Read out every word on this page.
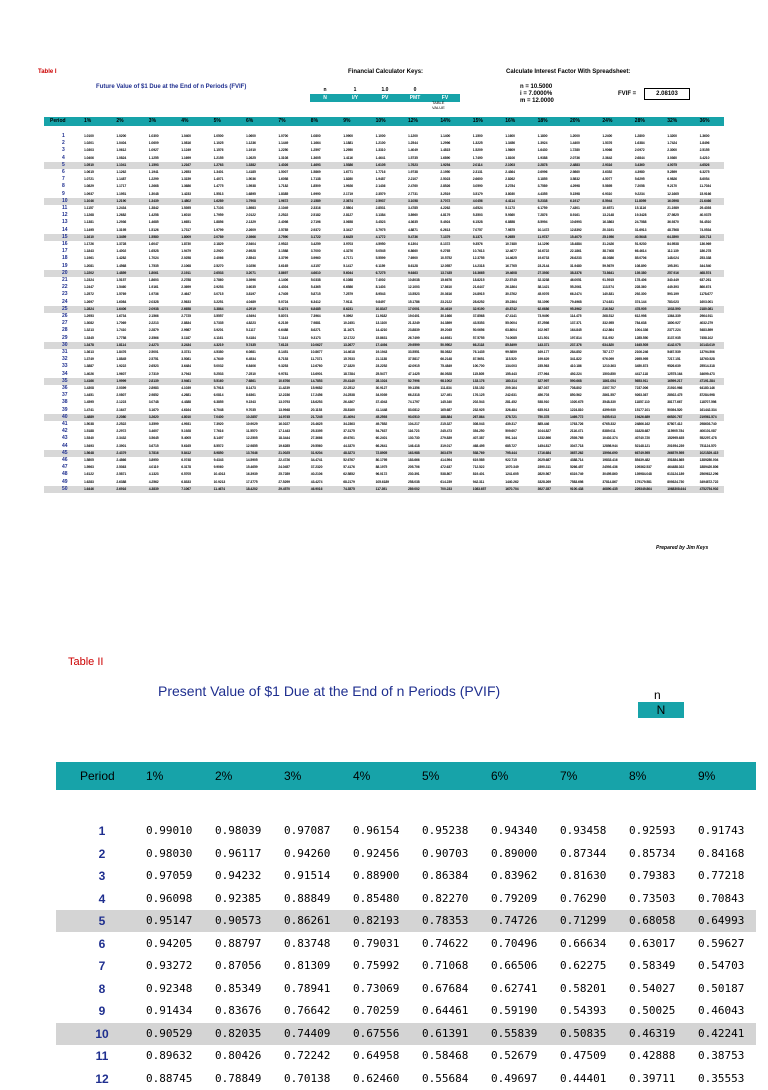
Table I	Financial Calculator Keys:	Calculate Interest Factor With Spreadsheet:
Future Value of $1 Due at the End of n Periods (FVIF)	n	1	1.0	0
N	I/Y	PV	PMT	FV
TABLE
VALUE
n = 10.5000
i = 7.0000%
m = 12.0000
FVIF =	2.08103
Period	1%	2%	3%	4%	5%	6%	7%	8%	9%	10%	12%	14%	15%	16%	18%	20%	24%	28%	32%	36%
1	1.0100	1.0200	1.0300	1.0400	1.0500	1.0600	1.0700	1.0800	1.0900	1.1000	1.1200	1.1400	1.1500	1.1600	1.1800	1.2000	1.2400	1.2800	1.3200	1.3600
2	1.0201	1.0404	1.0609	1.0816	1.1025	1.1236	1.1449	1.1664	1.1881	1.2100	1.2544	1.2996	1.3225	1.3456	1.3924	1.4400	1.5376	1.6384	1.7424	1.8496
3	1.0303	1.0612	1.0927	1.1249	1.1576	1.1910	1.2250	1.2597	1.2950	1.3310	1.4049	1.4815	1.5209	1.5609	1.6430	1.7280	1.9066	2.0972	2.3000	2.5155
4	1.0406	1.0824	1.1255	1.1699	1.2155	1.2625	1.3108	1.3605	1.4116	1.4641	1.5735	1.6890	1.7490	1.8106	1.9388	2.0736	2.3642	2.6844	3.0360	3.4210
5	1.0510	1.1041	1.1593	1.2167	1.2763	1.3382	1.4026	1.4693	1.5386	1.6105	1.7623	1.9254	2.0114	2.1003	2.2878	2.4883	2.9316	3.4360	4.0075	4.6526
6	1.0615	1.1262	1.1941	1.2653	1.3401	1.4185	1.5007	1.5869	1.6771	1.7716	1.9738	2.1950	2.3131	2.4364	2.6996	2.9860	3.6352	4.3980	5.2899	6.3275
7	1.0721	1.1487	1.2299	1.3159	1.4071	1.5036	1.6058	1.7138	1.8280	1.9487	2.2107	2.5023	2.6600	2.8262	3.1855	3.5832	4.5077	5.6295	6.9826	8.6054
8	1.0829	1.1717	1.2668	1.3686	1.4775	1.5938	1.7182	1.8509	1.9926	2.1436	2.4760	2.8526	3.0590	3.2784	3.7589	4.2998	5.5895	7.2058	9.2170	11.7034
9	1.0937	1.1951	1.3048	1.4233	1.5513	1.6895	1.8385	1.9990	2.1719	2.3579	2.7731	3.2519	3.5179	3.8030	4.4355	5.1598	6.9310	9.2234	12.1665	15.9166
10	1.1046	1.2190	1.3439	1.4802	1.6289	1.7908	1.9672	2.1589	2.3674	2.5937	3.1058	3.7072	4.0456	4.4114	5.2338	6.1917	8.5944	11.8059	16.0598	21.6466
11	1.1157	1.2434	1.3842	1.5395	1.7103	1.8983	2.1049	2.3316	2.5804	2.8531	3.4785	4.2262	4.6524	5.1173	6.1759	7.4301	10.6571	15.1116	21.1989	29.4393
12	1.1268	1.2682	1.4258	1.6010	1.7959	2.0122	2.2522	2.5182	2.8127	3.1384	3.8960	4.8179	5.3503	5.9360	7.2876	8.9161	13.2148	19.3428	27.9825	40.0375
13	1.1381	1.2936	1.4685	1.6651	1.8856	2.1329	2.4098	2.7196	3.0658	3.4523	4.3635	5.4924	6.1528	6.8858	8.5994	10.6993	16.3863	24.7588	36.9370	54.4510
14	1.1495	1.3195	1.5126	1.7317	1.9799	2.2609	2.5785	2.9372	3.3417	3.7975	4.8871	6.2613	7.0757	7.9875	10.1472	12.8392	20.3191	31.6913	48.7568	74.0534
15	1.1610	1.3459	1.5580	1.8009	2.0789	2.3966	2.7590	3.1722	3.6425	4.1772	5.4736	7.1379	8.1371	9.2655	11.9737	15.4070	25.1956	40.5648	64.3590	100.713
16	1.1726	1.3728	1.6047	1.8730	2.1829	2.5404	2.9522	3.4259	3.9703	4.5950	6.1304	8.1372	9.3576	10.7480	14.1290	18.4884	31.2426	51.9230	84.9538	136.969
17	1.1843	1.4002	1.6528	1.9479	2.2920	2.6928	3.1588	3.7000	4.3276	5.0545	6.8660	9.2765	10.7613	12.4677	16.6722	22.1861	38.7408	66.4614	112.139	186.278
18	1.1961	1.4282	1.7024	2.0258	2.4066	2.8543	3.3799	3.9960	4.7171	5.5599	7.6900	10.5752	12.3755	14.4625	19.6733	26.6233	48.0386	85.0706	148.024	253.338
19	1.2081	1.4568	1.7535	2.1068	2.5270	3.0256	3.6165	4.3157	5.1417	6.1159	8.6128	12.0557	14.2318	16.7765	23.2144	31.9480	59.5679	108.890	195.391	344.540
20	1.2202	1.4859	1.8061	2.1911	2.6533	3.2071	3.8697	4.6610	5.6044	6.7275	9.6463	13.7435	16.3665	19.4608	27.3930	38.3376	73.8641	139.380	257.916	468.574
21	1.2324	1.5157	1.8603	2.2788	2.7860	3.3996	4.1406	5.0338	6.1088	7.4002	10.8038	15.6676	18.8215	22.5745	32.3238	46.0051	91.5915	178.406	340.449	637.261
22	1.2447	1.5460	1.9161	2.3699	2.9253	3.6035	4.4304	5.4365	6.6586	8.1403	12.1003	17.8610	21.6447	26.1864	38.1421	55.2061	113.574	228.360	449.393	866.674
23	1.2572	1.5769	1.9736	2.4647	3.0715	3.8197	4.7405	5.8715	7.2579	8.9543	13.5523	20.3616	24.8915	30.3762	45.0076	66.2474	140.831	292.300	593.199	1178.677
24	1.2697	1.6084	2.0328	2.5633	3.2251	4.0489	5.0724	6.3412	7.9111	9.8497	15.1786	23.2122	28.6252	35.2364	53.1090	79.4968	174.631	374.144	783.023	1603.001
25	1.2824	1.6406	2.0938	2.6658	3.3864	4.2919	5.4274	6.8485	8.6231	10.8347	17.0001	26.4619	32.9190	40.8742	62.6686	95.3962	216.542	478.905	1033.590	2180.081
26	1.2953	1.6734	2.1566	2.7725	3.5557	4.5494	5.8074	7.3964	9.3992	11.9182	19.0401	30.1666	37.8568	47.4141	73.9490	114.475	268.512	612.998	1364.339	2964.911
27	1.3082	1.7069	2.2213	2.8834	3.7335	4.8223	6.2139	7.9881	10.2451	13.1100	21.3249	34.3899	43.5353	55.0004	87.2598	137.371	332.955	784.638	1800.927	4032.279
28	1.3213	1.7410	2.2879	2.9987	3.9201	5.1117	6.6488	8.6271	11.1671	14.4210	23.8839	39.2045	50.0656	63.8004	102.967	164.845	412.864	1004.336	2377.224	5483.899
29	1.3345	1.7758	2.3566	3.1187	4.1161	5.4184	7.1143	9.3173	12.1722	15.8631	26.7499	44.6931	57.5755	74.0085	121.501	197.814	511.952	1285.550	3137.935	7458.102
30	1.3478	1.8114	2.4273	3.2434	4.3219	5.7435	7.6123	10.0627	13.2677	17.4494	29.9599	50.9502	66.2118	85.8499	143.371	237.376	634.820	1645.505	4142.075	10143.019
31	1.3613	1.8476	2.5001	3.3731	4.5380	6.0881	8.1451	10.8677	14.4618	19.1943	33.5551	58.0832	76.1435	99.5859	169.177	284.852	787.177	2106.246	5467.539	13794.506
32	1.3749	1.8845	2.5751	3.5081	4.7649	6.4534	8.7153	11.7371	15.7633	21.1138	37.5817	66.2148	87.5651	115.520	199.629	341.822	976.099	2695.995	7217.151	18760.528
33	1.3887	1.9222	2.6523	3.6484	5.0032	6.8406	9.3253	12.6760	17.1820	23.2252	42.0915	75.4849	100.700	134.003	235.563	410.186	1210.363	3450.873	9526.639	25514.318
34	1.4026	1.9607	2.7319	3.7943	5.2533	7.2510	9.9781	13.6901	18.7284	25.5477	47.1425	86.0528	115.805	155.443	277.964	492.224	1500.850	4417.118	12575.164	34699.473
35	1.4166	1.9999	2.8139	3.9461	5.5160	7.6861	10.6766	14.7853	20.4140	28.1024	52.7996	98.1002	133.176	180.314	327.997	590.668	1861.054	5653.911	16599.217	47191.284
36	1.4308	2.0399	2.8983	4.1039	5.7918	8.1473	11.4239	15.9682	22.2512	30.9127	59.1356	111.834	153.152	209.164	387.037	708.802	2307.707	7237.006	21910.966	64180.146
37	1.4451	2.0807	2.9852	4.2681	6.0814	8.6361	12.2236	17.2456	24.2538	34.0039	66.2318	127.491	176.125	242.631	456.703	850.562	2861.557	9263.367	28922.475	87284.998
38	1.4595	2.1223	3.0748	4.4388	6.3855	9.1543	13.0793	18.6253	26.4367	37.4043	74.1797	145.340	202.543	281.452	538.910	1020.675	3548.330	11857.110	38177.667	118707.598
39	1.4741	2.1647	3.1670	4.6164	6.7048	9.7035	13.9948	20.1153	28.8160	41.1448	83.0812	165.687	232.925	326.484	635.913	1224.810	4399.930	15177.101	50394.520	161442.334
40	1.4889	2.2080	3.2620	4.8010	7.0400	10.2857	14.9745	21.7245	31.4094	45.2593	93.0510	188.884	267.864	378.721	750.378	1469.772	5455.913	19426.689	66520.767	219561.574
41	1.5038	2.2522	3.3599	4.9931	7.3920	10.9029	16.0227	23.4625	34.2363	49.7852	104.217	215.327	308.043	439.317	885.446	1763.726	6765.332	24866.162	87807.412	298603.740
42	1.5188	2.2972	3.4607	5.1928	7.7616	11.5570	17.1443	25.3395	37.3175	54.7637	116.723	245.473	354.250	509.607	1044.827	2116.471	8389.011	31828.687	115905.784	406101.087
43	1.5340	2.3432	3.5645	5.4005	8.1497	12.2505	18.3444	27.3666	40.6761	60.2401	130.730	279.839	407.387	591.144	1232.896	2539.765	10402.374	40740.720	152995.635	552297.478
44	1.5493	2.3901	3.6715	5.6165	8.5572	12.9855	19.6285	29.5560	44.3370	66.2641	146.418	319.017	468.495	685.727	1454.817	3047.718	12898.944	52148.121	201954.239	751124.570
45	1.5648	2.4379	3.7816	5.8412	8.9850	13.7646	21.0025	31.9204	48.3273	72.8905	163.988	363.679	538.769	795.444	1716.684	3657.262	15994.690	66749.595	266579.595	1021529.415
46	1.5805	2.4866	3.8950	6.0748	9.4343	14.5905	22.4726	34.4741	52.6767	80.1795	183.666	414.594	619.585	922.715	2025.687	4388.714	19833.416	85439.482	351884.865	1389280.004
47	1.5963	2.5363	4.0119	6.3178	9.9060	15.4659	24.0457	37.2320	57.4176	88.1975	205.706	472.637	712.522	1070.349	2390.311	5266.457	24593.436	109362.537	464488.022	1889420.806
48	1.6122	2.5871	4.1323	6.5705	10.4013	16.3939	25.7289	40.2106	62.5852	96.0172	230.391	538.807	819.401	1241.605	2820.567	6319.749	30495.860	139984.048	613124.189	2569612.296
49	1.6283	2.6388	4.2562	6.8333	10.9213	17.3775	27.5299	43.4274	68.2179	105.6189	258.038	614.239	942.311	1440.262	3328.269	7583.698	37814.867	179179.581	809324.730	3494672.722
50	1.6446	2.6916	4.3839	7.1067	11.4674	18.4202	29.4570	46.9016	74.3575	117.391	289.002	700.233	1083.657	1670.704	3927.357	9100.438	46890.435	229349.864	1068308.644	4752754.902
Prepared by Jim Keys
Table II
Present Value of $1 Due at the End of n Periods (PVIF)	n
N
Period	1%	2%	3%	4%	5%	6%	7%	8%	9%
1	0.99010 0.98039 0.97087 0.96154 0.95238 0.94340 0.93458 0.92593 0.91743
2	0.98030 0.96117 0.94260 0.92456 0.90703 0.89000 0.87344 0.85734 0.84168
3	0.97059 0.94232 0.91514 0.88900 0.86384 0.83962 0.81630 0.79383 0.77218
4	0.96098 0.92385 0.88849 0.85480 0.82270 0.79209 0.76290 0.73503 0.70843
5	0.95147 0.90573 0.86261 0.82193 0.78353 0.74726 0.71299 0.68058 0.64993
6	0.94205 0.88797 0.83748 0.79031 0.74622 0.70496 0.66634 0.63017 0.59627
7	0.93272 0.87056 0.81309 0.75992 0.71068 0.66506 0.62275 0.58349 0.54703
8	0.92348 0.85349 0.78941 0.73069 0.67684 0.62741 0.58201 0.54027 0.50187
9	0.91434 0.83676 0.76642 0.70259 0.64461 0.59190 0.54393 0.50025 0.46043
10	0.90529 0.82035 0.74409 0.67556 0.61391 0.55839 0.50835 0.46319 0.42241
11	0.89632 0.80426 0.72242 0.64958 0.58468 0.52679 0.47509 0.42888 0.38753
12	0.88745 0.78849 0.70138 0.62460 0.55684 0.49697 0.44401 0.39711 0.35553
